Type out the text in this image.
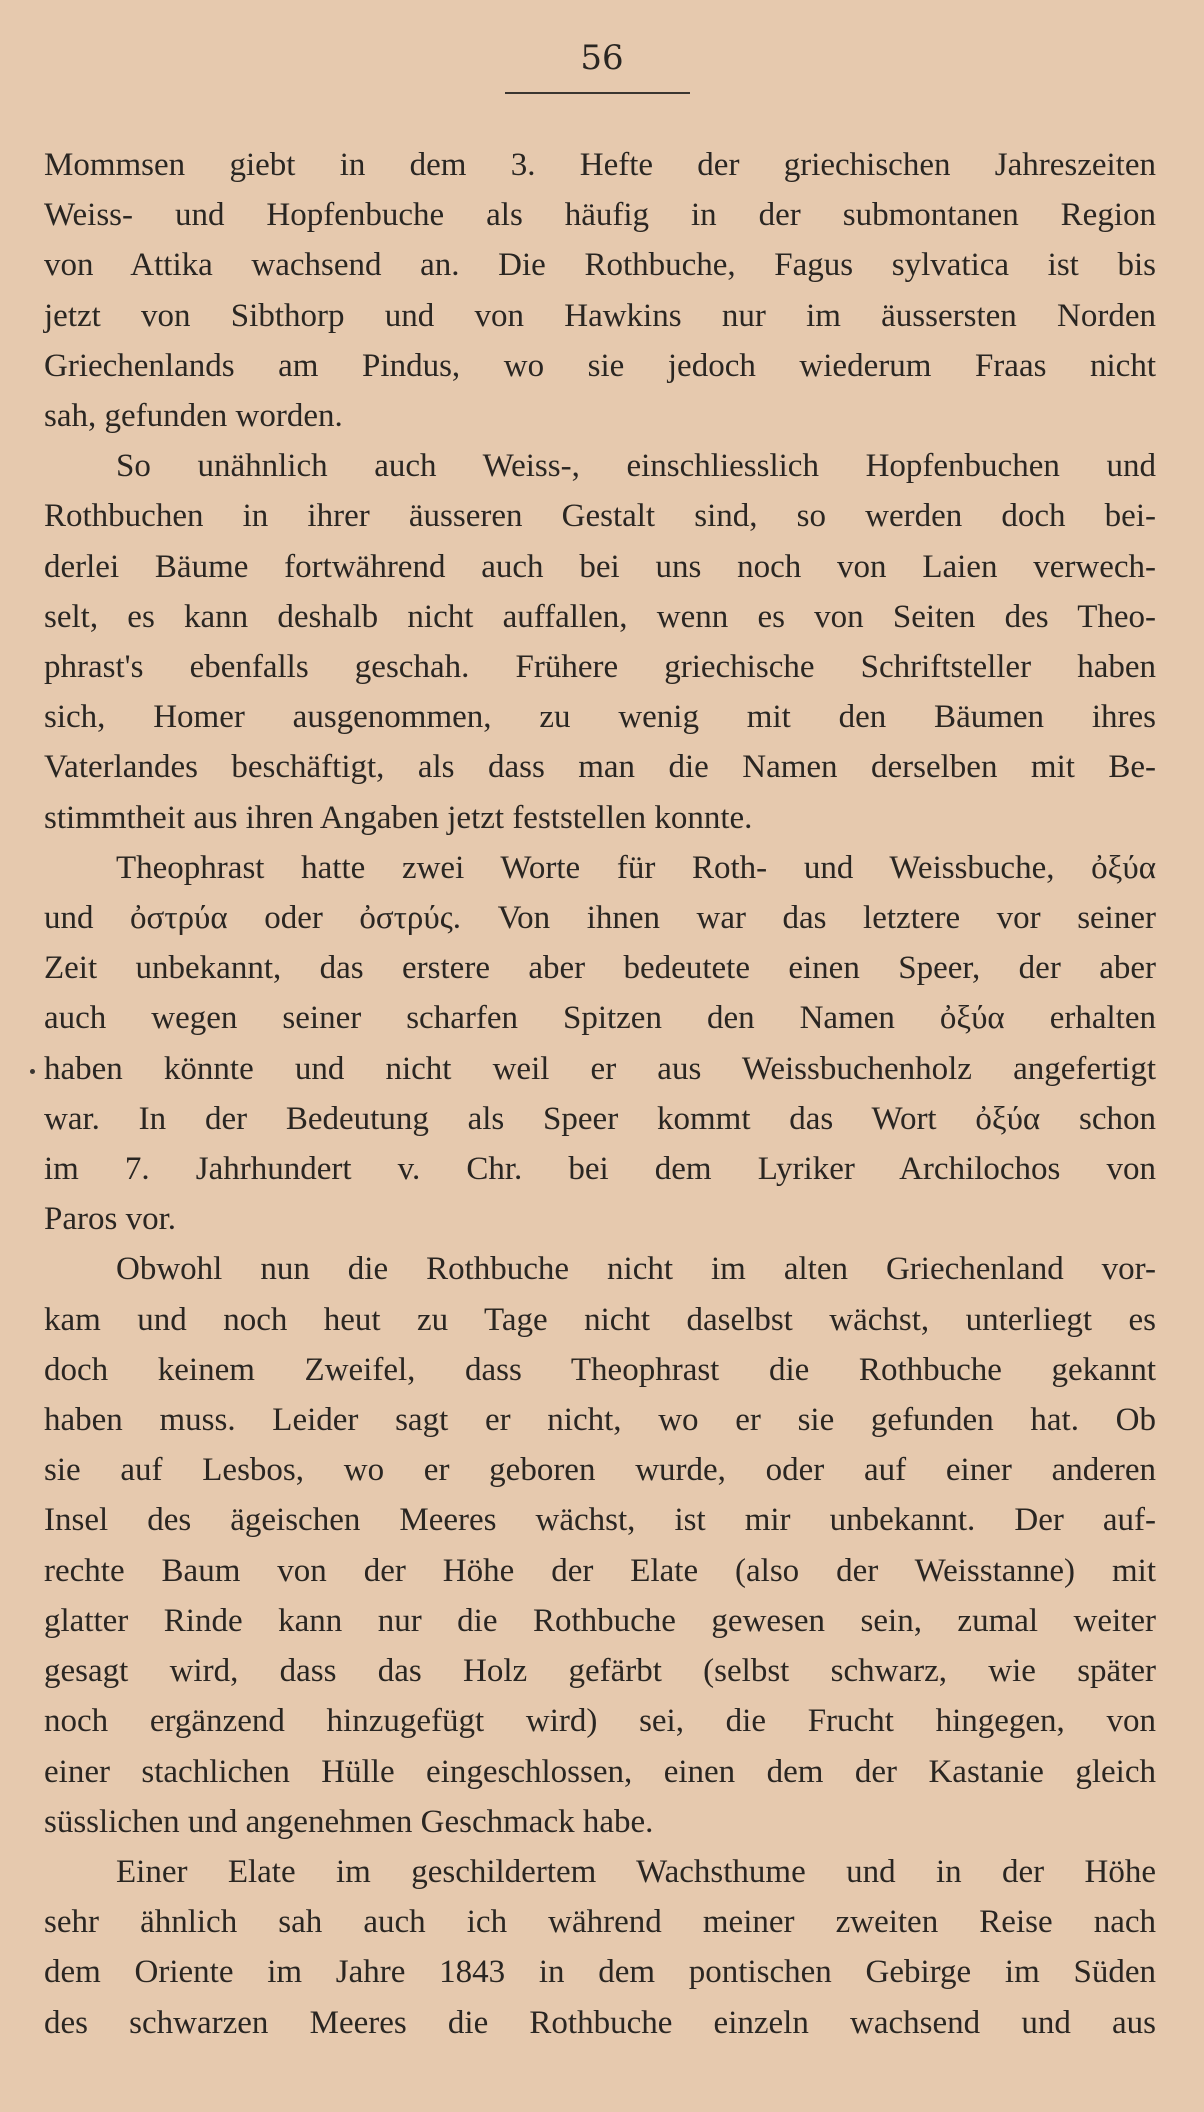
56
Mommsen giebt in dem 3. Hefte der griechischen Jahreszeiten
Weiss- und Hopfenbuche als häufig in der submontanen Region
von Attika wachsend an. Die Rothbuche, Fagus sylvatica ist bis
jetzt von Sibthorp und von Hawkins nur im äussersten Norden
Griechenlands am Pindus, wo sie jedoch wiederum Fraas nicht
sah, gefunden worden.
So unähnlich auch Weiss-, einschliesslich Hopfenbuchen und
Rothbuchen in ihrer äusseren Gestalt sind, so werden doch bei-
derlei Bäume fortwährend auch bei uns noch von Laien verwech-
selt, es kann deshalb nicht auffallen, wenn es von Seiten des Theo-
phrast's ebenfalls geschah. Frühere griechische Schriftsteller haben
sich, Homer ausgenommen, zu wenig mit den Bäumen ihres
Vaterlandes beschäftigt, als dass man die Namen derselben mit Be-
stimmtheit aus ihren Angaben jetzt feststellen konnte.
Theophrast hatte zwei Worte für Roth- und Weissbuche, ὀξύα
und ὀστρύα oder ὀστρύς. Von ihnen war das letztere vor seiner
Zeit unbekannt, das erstere aber bedeutete einen Speer, der aber
auch wegen seiner scharfen Spitzen den Namen ὀξύα erhalten
haben könnte und nicht weil er aus Weissbuchenholz angefertigt
war. In der Bedeutung als Speer kommt das Wort ὀξύα schon
im 7. Jahrhundert v. Chr. bei dem Lyriker Archilochos von
Paros vor.
Obwohl nun die Rothbuche nicht im alten Griechenland vor-
kam und noch heut zu Tage nicht daselbst wächst, unterliegt es
doch keinem Zweifel, dass Theophrast die Rothbuche gekannt
haben muss. Leider sagt er nicht, wo er sie gefunden hat. Ob
sie auf Lesbos, wo er geboren wurde, oder auf einer anderen
Insel des ägeischen Meeres wächst, ist mir unbekannt. Der auf-
rechte Baum von der Höhe der Elate (also der Weisstanne) mit
glatter Rinde kann nur die Rothbuche gewesen sein, zumal weiter
gesagt wird, dass das Holz gefärbt (selbst schwarz, wie später
noch ergänzend hinzugefügt wird) sei, die Frucht hingegen, von
einer stachlichen Hülle eingeschlossen, einen dem der Kastanie gleich
süsslichen und angenehmen Geschmack habe.
Einer Elate im geschildertem Wachsthume und in der Höhe
sehr ähnlich sah auch ich während meiner zweiten Reise nach
dem Oriente im Jahre 1843 in dem pontischen Gebirge im Süden
des schwarzen Meeres die Rothbuche einzeln wachsend und aus
